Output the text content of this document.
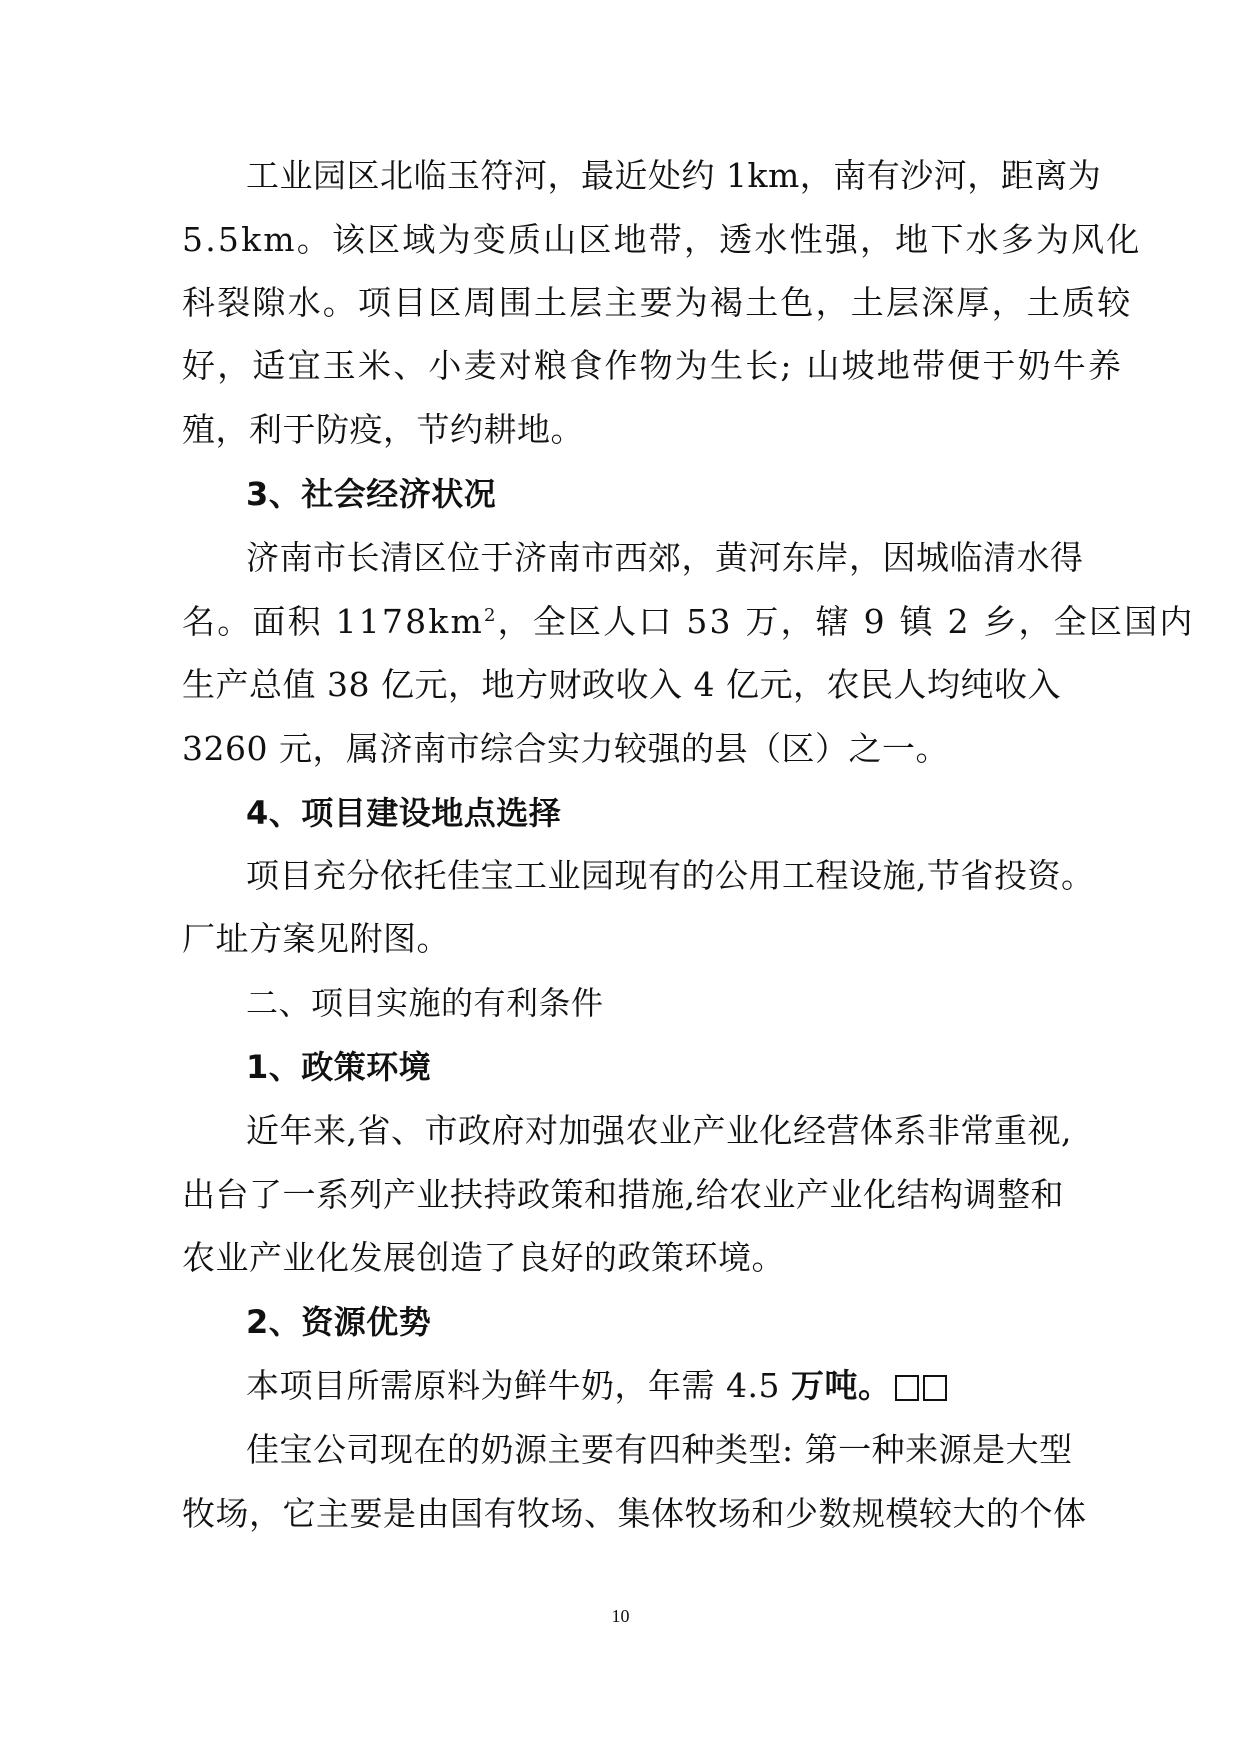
工业园区北临玉符河，最近处约 1km，南有沙河，距离为
5.5km。该区域为变质山区地带，透水性强，地下水多为风化
科裂隙水。项目区周围土层主要为褐土色，土层深厚，土质较
好，适宜玉米、小麦对粮食作物为生长; 山坡地带便于奶牛养
殖，利于防疫，节约耕地。
3、社会经济状况
济南市长清区位于济南市西郊，黄河东岸，因城临清水得
名。面积 $1178km^2$，全区人口 53 万，辖 9 镇 2 乡，全区国内
生产总值 38 亿元，地方财政收入 4 亿元，农民人均纯收入
3260 元，属济南市综合实力较强的县（区）之一。
4、项目建设地点选择
项目充分依托佳宝工业园现有的公用工程设施,节省投资。
厂址方案见附图。
二、项目实施的有利条件
1、政策环境
近年来,省、市政府对加强农业产业化经营体系非常重视,
出台了一系列产业扶持政策和措施,给农业产业化结构调整和
农业产业化发展创造了良好的政策环境。
2、资源优势
本项目所需原料为鲜牛奶，年需 4.5 万吨。
佳宝公司现在的奶源主要有四种类型: 第一种来源是大型
牧场，它主要是由国有牧场、集体牧场和少数规模较大的个体
10
